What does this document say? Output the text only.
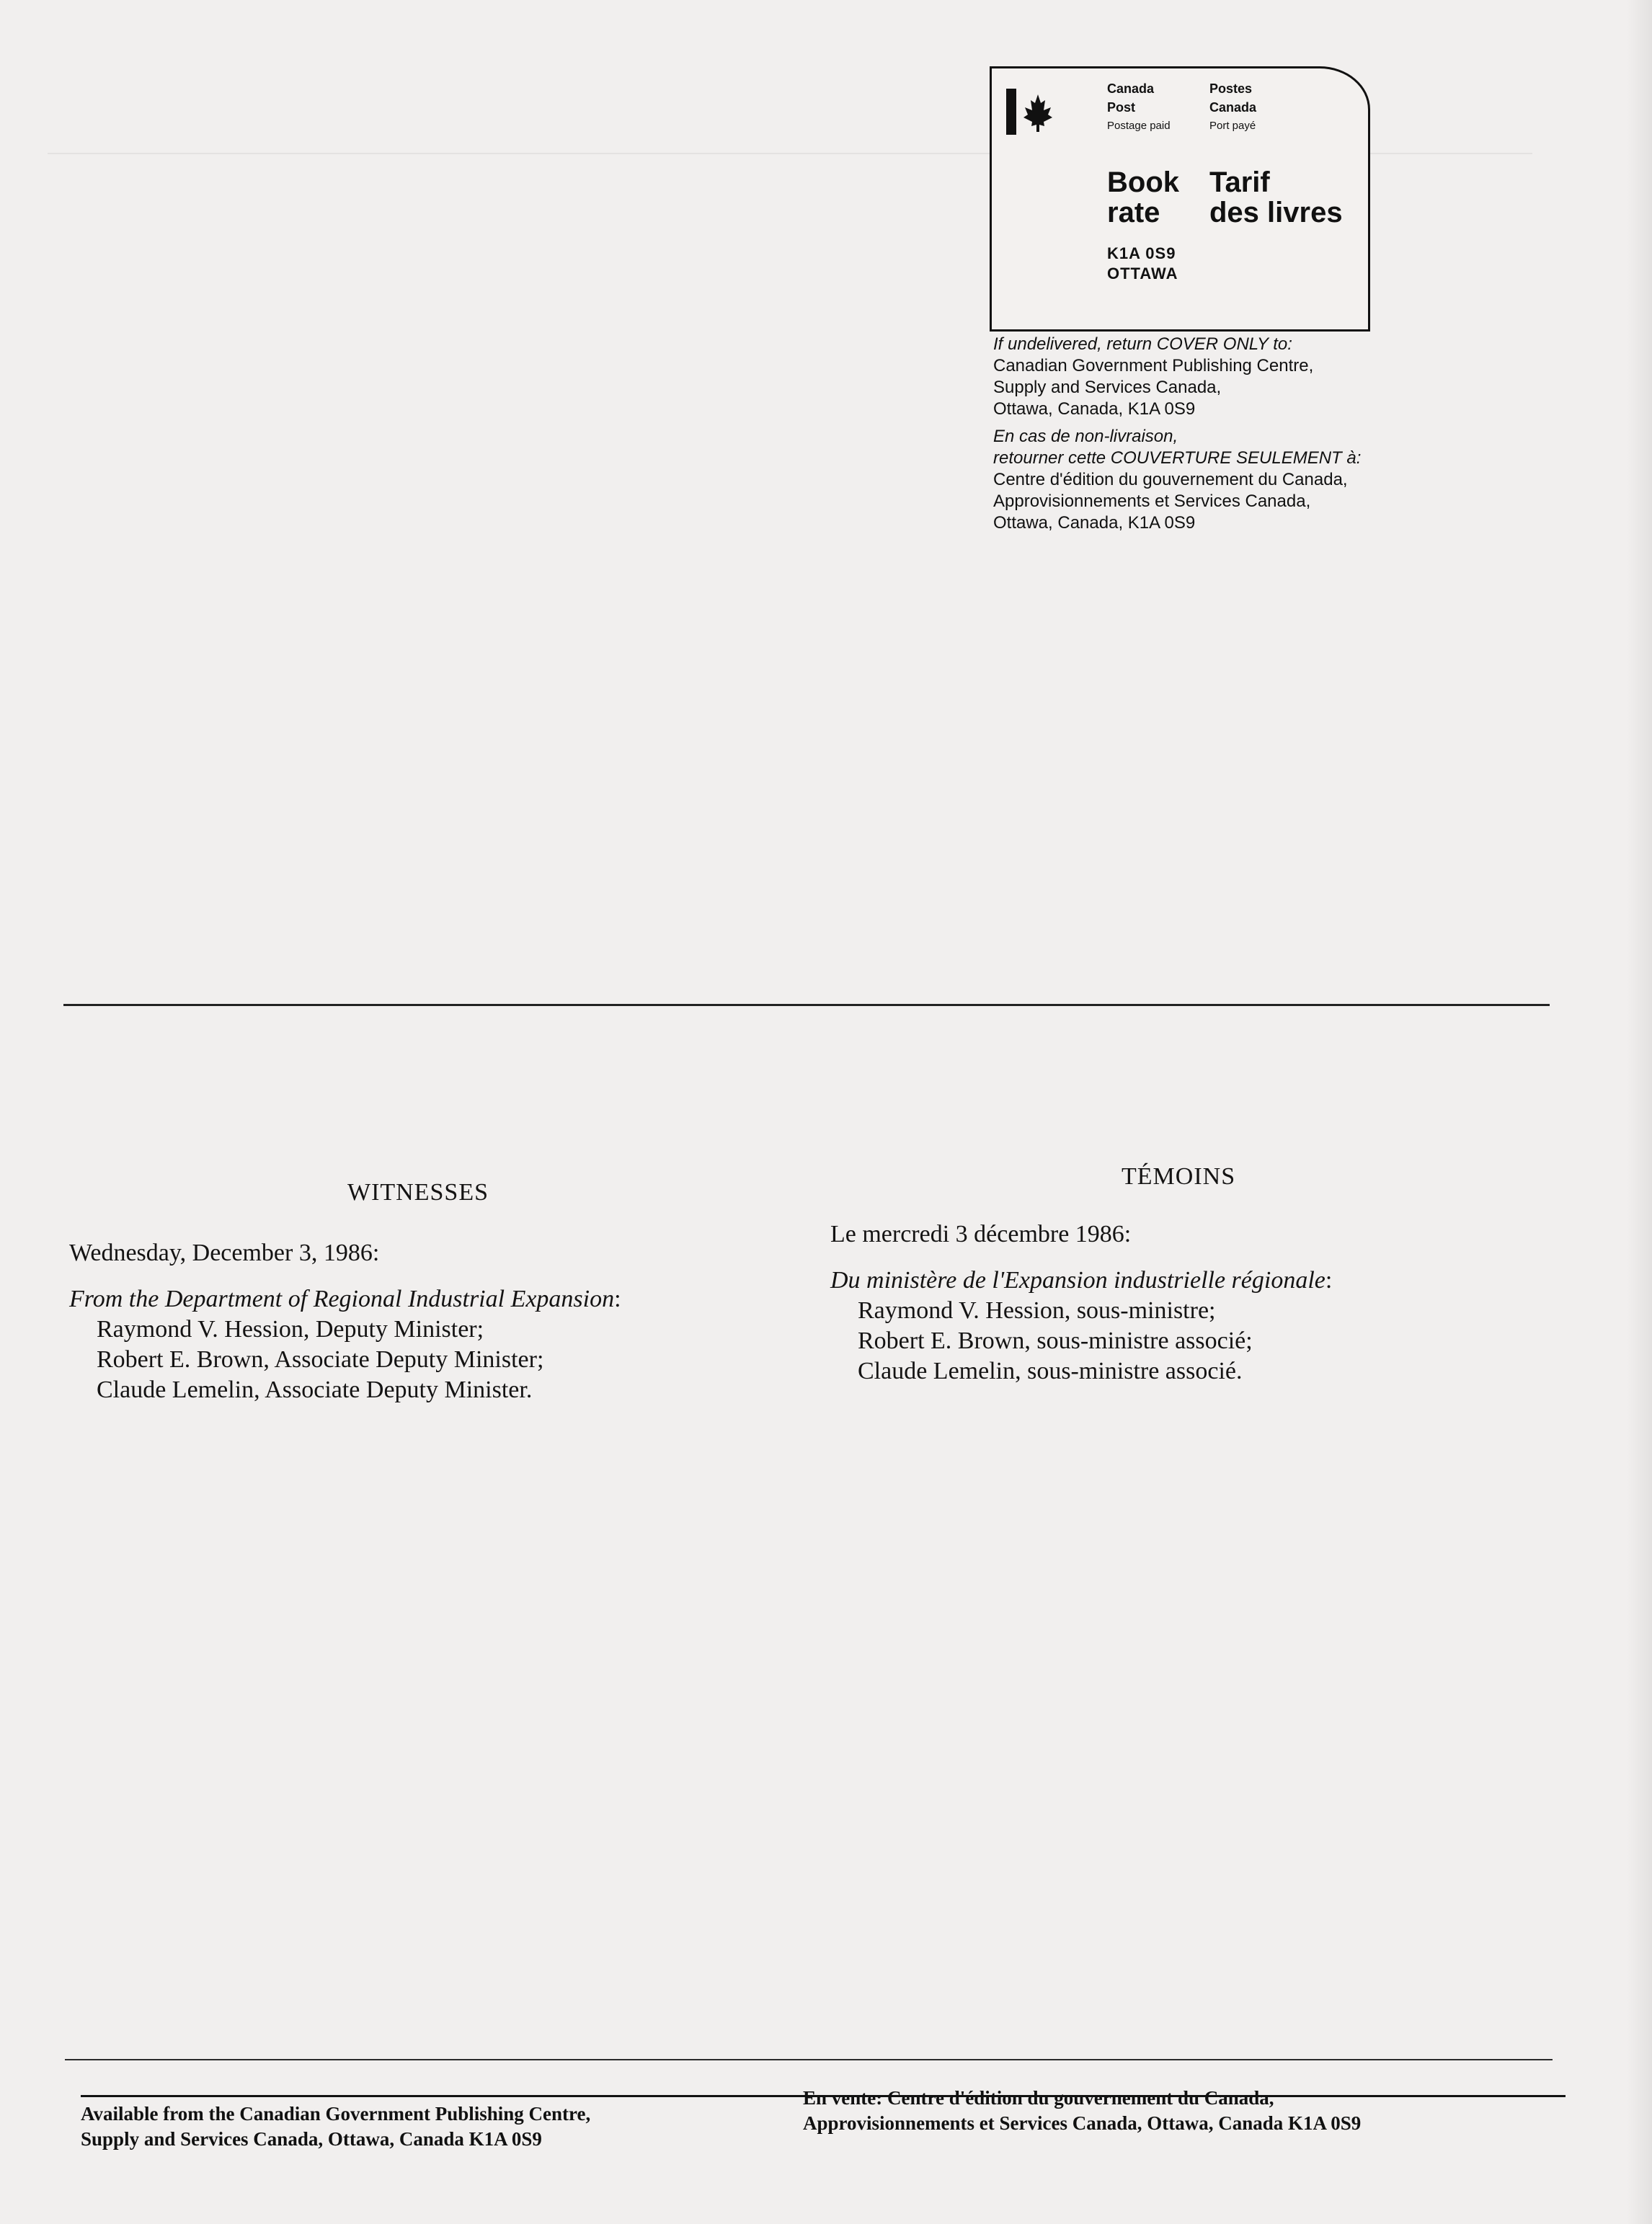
Canada
Post
Postage paid
Postes
Canada
Port payé
Book
rate
Tarif
des livres
K1A 0S9
OTTAWA
If undelivered, return COVER ONLY to:
Canadian Government Publishing Centre,
Supply and Services Canada,
Ottawa, Canada, K1A 0S9
En cas de non-livraison,
retourner cette COUVERTURE SEULEMENT à:
Centre d'édition du gouvernement du Canada,
Approvisionnements et Services Canada,
Ottawa, Canada, K1A 0S9
WITNESSES
Wednesday, December 3, 1986:
From the Department of Regional Industrial Expansion:
Raymond V. Hession, Deputy Minister;
Robert E. Brown, Associate Deputy Minister;
Claude Lemelin, Associate Deputy Minister.
TÉMOINS
Le mercredi 3 décembre 1986:
Du ministère de l'Expansion industrielle régionale:
Raymond V. Hession, sous-ministre;
Robert E. Brown, sous-ministre associé;
Claude Lemelin, sous-ministre associé.
Available from the Canadian Government Publishing Centre,
Supply and Services Canada, Ottawa, Canada K1A 0S9
En vente: Centre d'édition du gouvernement du Canada,
Approvisionnements et Services Canada, Ottawa, Canada K1A 0S9
